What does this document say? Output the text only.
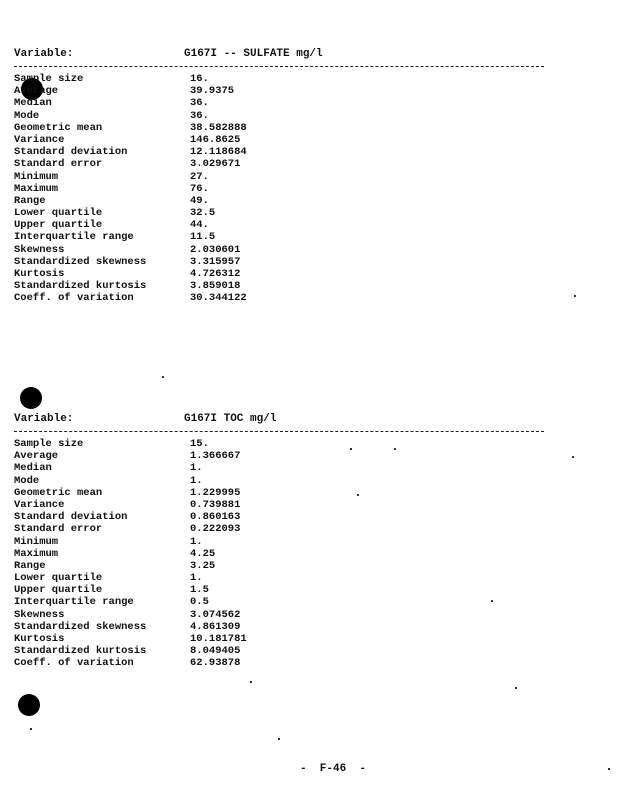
Variable:	G167I -- SULFATE mg/l
Sample size	16.
Average	39.9375
Median	36.
Mode	36.
Geometric mean	38.582888
Variance	146.8625
Standard deviation	12.118684
Standard error	3.029671
Minimum	27.
Maximum	76.
Range	49.
Lower quartile	32.5
Upper quartile	44.
Interquartile range	11.5
Skewness	2.030601
Standardized skewness	3.315957
Kurtosis	4.726312
Standardized kurtosis	3.859018
Coeff. of variation	30.344122
Variable:	G167I TOC mg/l
Sample size	15.
Average	1.366667
Median	1.
Mode	1.
Geometric mean	1.229995
Variance	0.739881
Standard deviation	0.860163
Standard error	0.222093
Minimum	1.
Maximum	4.25
Range	3.25
Lower quartile	1.
Upper quartile	1.5
Interquartile range	0.5
Skewness	3.074562
Standardized skewness	4.861309
Kurtosis	10.181781
Standardized kurtosis	8.049405
Coeff. of variation	62.93878
-  F-46  -
